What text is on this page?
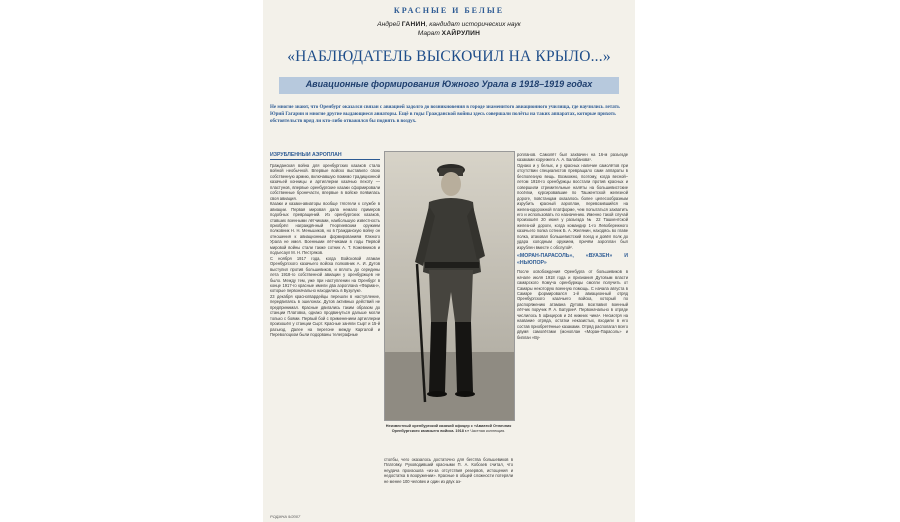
КРАСНЫЕ И БЕЛЫЕ
Андрей ГАНИН, кандидат исторических наук
Марат ХАЙРУЛИН
«НАБЛЮДАТЕЛЬ ВЫСКОЧИЛ НА КРЫЛО...»
Авиационные формирования Южного Урала в 1918–1919 годах

Не многие знают, что Оренбург оказался связан с авиацией задолго до возникновения в городе знаменитого авиационного училища, где научились летать Юрий Гагарин и многие другие выдающиеся авиаторы. Ещё в годы Гражданской войны здесь совершали полёты на таких аппаратах, которые прихоть обстоятельств вряд ли кто-либо отважился бы поднять в воздух.

ИЗРУБЛЕННЫЙ АЭРОПЛАН

Гражданская война для оренбургских казаков стала войной необычной. Впервые войско выставило свою собственную армию, включавшую помимо традиционной казачьей конницы и артиллерии казачью пехоту — пластунов, впервые оренбургские казаки сформировали собственные бронечасти, впервые в войске появилась своя авиация.

Казаки и казаки-авиаторы вообще тяготели к службе в авиации. Первая мировая дала немало примеров подобных превращений. Из оренбургских казаков, ставших военными лётчиками, наибольшую известность приобрёл награждённый Георгиевским оружием полковник Н. Н. Меньшиков, но в Гражданскую войну он отношения к авиационным формированиям Южного Урала не имел. Военными лётчиками в годы Первой мировой войны стали также сотник А. Т. Кожевников и подъесаул М. Н. Пестряков.

С ноября 1917 года, когда Войсковой атаман Оренбургского казачьего войска полковник А. И. Дутов выступил против большевиков, и вплоть до середины лета 1918-го собственной авиации у оренбуржцев не было. Между тем, уже при наступлении на Оренбург в конце 1917-го красные имели два аэроплана «Фарман», которые первоначально находились в Бузулуке.

23 декабря красногвардейцы перешли в наступление, передвигаясь в эшелонах. Дутов активных действий не предпринимал. Красные двигались таким образом до станции Платовка, однако продвинуться дальше могли только с боями. Первый бой с применением артиллерии произошёл у станции Сырт. Красные заняли Сырт и 15-й разъезд. Далее на перегоне между Каргалой и Переволоцком были подорваны телеграфные

Неизвестный оренбургский казачий офицер с «Авиатой Отличник Оренбургского казачьего войска. 1918 г.» Частная коллекция.

столбы, чего оказалось достаточно для бегства большевиков в Платовку. Руководивший красными П. А. Кобозев считал, что неудача произошла «из-за отсутствия резервов, истощения и недостатка в вооружении». Красные в общей сложности потеряли не менее 100 человек и один из двух аэ-

ропланов. Самолёт был захвачен на 16-м разъезде казаками хорунжего А. А. Балабанова¹.

Однако и у белых, и у красных наличие самолётов при отсутствии специалистов превращало сами аппараты в бесполезную вещь. Возможно, поэтому, когда весной–летом 1918-го оренбуржцы восстали против красных и совершили стремительные налёты на большевистские посёлки, курсировавшие по Ташкентской железной дороге, повстанцам оказалось более целесообразным изрубить красный аэроплан, перевозившийся на железнодорожной платформе, чем попытаться захватить его и использовать по назначению. Именно такой случай произошёл 20 июня у разъезда № 22 Ташкентской железной дороги, когда командир 1-го Левобережного казачьего полка сотник Б. А. Желянин, находясь во главе полка, атаковал большевистский поезд и довёл полк до удара холодным оружием, причём аэроплан был изрублен вместе с обслугой².

«МОРАН-ПАРАСОЛЬ», «ВУАЗЕН» И «НЬЮПОР»

После освобождения Оренбурга от большевиков в начале июля 1918 года и признания Дутовым власти самарского Комуча оренбуржцы смогли получить от Самары некоторую военную помощь. С начала августа в Самаре формировался 1-й авиационный отряд Оренбургского казачьего войска, который по распоряжению атамана Дутова возглавил военный лётчик поручик Р. А. Батурин³. Первоначально в отряде числилось 5 офицеров и 24 нижних чина⁴. Несмотря на название отряда, остатки неказистых, входили в его состав приобретённые казаками. Отряд располагал всего двумя самолётами (моноплан «Моран-Парасоль» и биплан «Ву-

РОДИНА 9/2007
